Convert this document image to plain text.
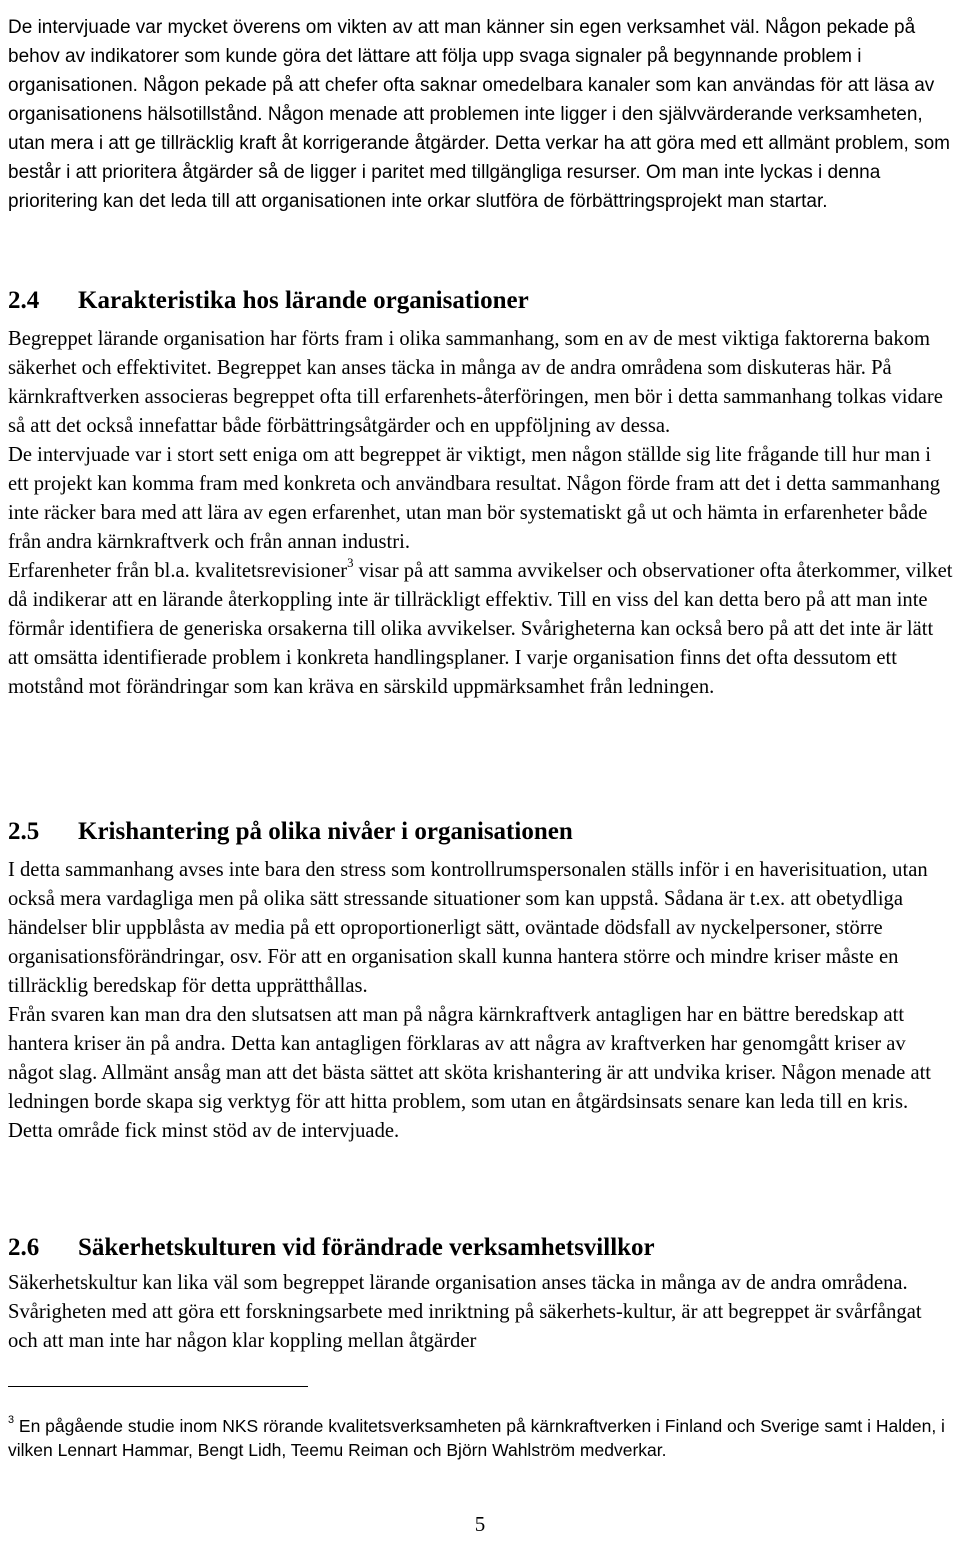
De intervjuade var mycket överens om vikten av att man känner sin egen verksamhet väl. Någon pekade på behov av indikatorer som kunde göra det lättare att följa upp svaga signaler på begynnande problem i organisationen. Någon pekade på att chefer ofta saknar omedelbara kanaler som kan användas för att läsa av organisationens hälsotillstånd. Någon menade att problemen inte ligger i den självvärderande verksamheten, utan mera i att ge tillräcklig kraft åt korrigerande åtgärder. Detta verkar ha att göra med ett allmänt problem, som består i att prioritera åtgärder så de ligger i paritet med tillgängliga resurser. Om man inte lyckas i denna prioritering kan det leda till att organisationen inte orkar slutföra de förbättringsprojekt man startar.

2.4 Karakteristika hos lärande organisationer

Begreppet lärande organisation har förts fram i olika sammanhang, som en av de mest viktiga faktorerna bakom säkerhet och effektivitet. Begreppet kan anses täcka in många av de andra områdena som diskuteras här. På kärnkraftverken associeras begreppet ofta till erfarenhets-återföringen, men bör i detta sammanhang tolkas vidare så att det också innefattar både förbättringsåtgärder och en uppföljning av dessa.

De intervjuade var i stort sett eniga om att begreppet är viktigt, men någon ställde sig lite frågande till hur man i ett projekt kan komma fram med konkreta och användbara resultat. Någon förde fram att det i detta sammanhang inte räcker bara med att lära av egen erfarenhet, utan man bör systematiskt gå ut och hämta in erfarenheter både från andra kärnkraftverk och från annan industri.

Erfarenheter från bl.a. kvalitetsrevisioner$^3$ visar på att samma avvikelser och observationer ofta återkommer, vilket då indikerar att en lärande återkoppling inte är tillräckligt effektiv. Till en viss del kan detta bero på att man inte förmår identifiera de generiska orsakerna till olika avvikelser. Svårigheterna kan också bero på att det inte är lätt att omsätta identifierade problem i konkreta handlingsplaner. I varje organisation finns det ofta dessutom ett motstånd mot förändringar som kan kräva en särskild uppmärksamhet från ledningen.

2.5 Krishantering på olika nivåer i organisationen

I detta sammanhang avses inte bara den stress som kontrollrumspersonalen ställs inför i en haverisituation, utan också mera vardagliga men på olika sätt stressande situationer som kan uppstå. Sådana är t.ex. att obetydliga händelser blir uppblåsta av media på ett oproportionerligt sätt, oväntade dödsfall av nyckelpersoner, större organisationsförändringar, osv. För att en organisation skall kunna hantera större och mindre kriser måste en tillräcklig beredskap för detta upprätthållas.

Från svaren kan man dra den slutsatsen att man på några kärnkraftverk antagligen har en bättre beredskap att hantera kriser än på andra. Detta kan antagligen förklaras av att några av kraftverken har genomgått kriser av något slag. Allmänt ansåg man att det bästa sättet att sköta krishantering är att undvika kriser. Någon menade att ledningen borde skapa sig verktyg för att hitta problem, som utan en åtgärdsinsats senare kan leda till en kris. Detta område fick minst stöd av de intervjuade.

2.6 Säkerhetskulturen vid förändrade verksamhetsvillkor

Säkerhetskultur kan lika väl som begreppet lärande organisation anses täcka in många av de andra områdena. Svårigheten med att göra ett forskningsarbete med inriktning på säkerhets-kultur, är att begreppet är svårfångat och att man inte har någon klar koppling mellan åtgärder

$^3$ En pågående studie inom NKS rörande kvalitetsverksamheten på kärnkraftverken i Finland och Sverige samt i Halden, i vilken Lennart Hammar, Bengt Lidh, Teemu Reiman och Björn Wahlström medverkar.

5
